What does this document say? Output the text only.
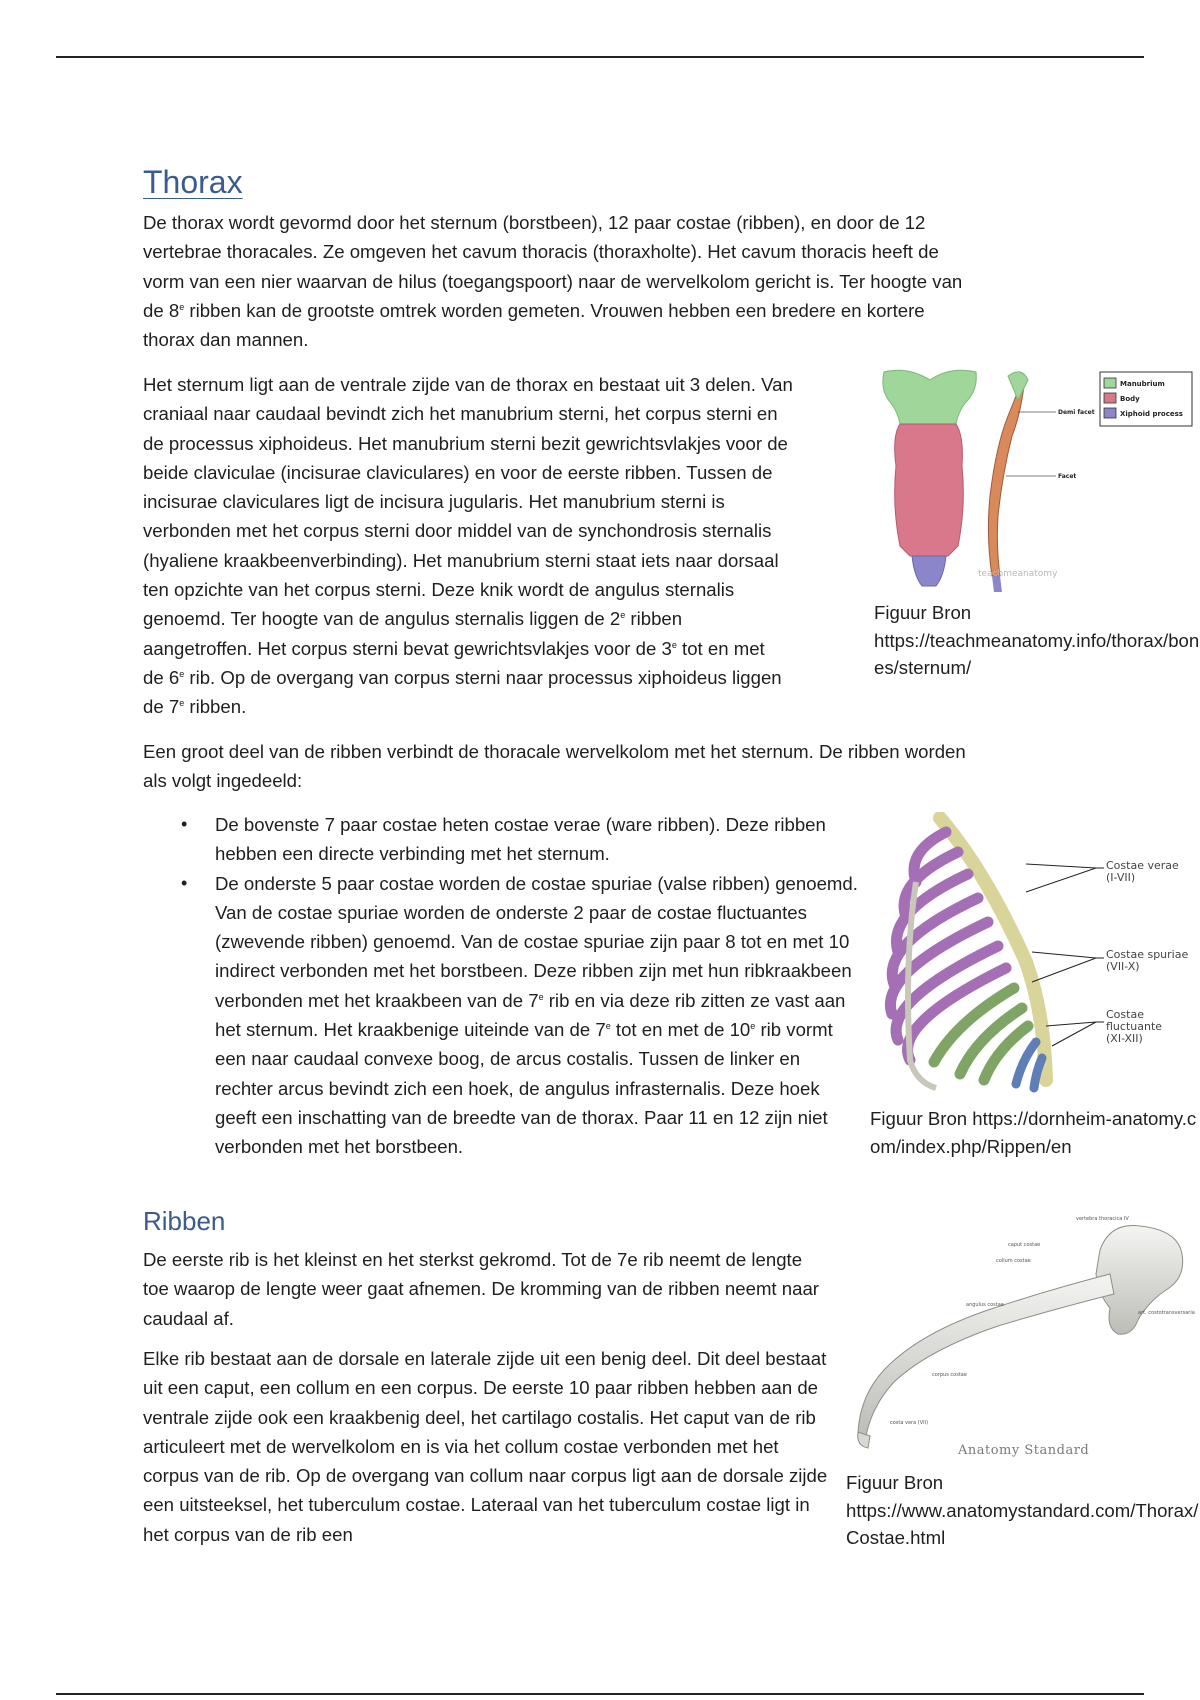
Thorax

De thorax wordt gevormd door het sternum (borstbeen), 12 paar costae (ribben), en door de 12
vertebrae thoracales. Ze omgeven het cavum thoracis (thoraxholte). Het cavum thoracis heeft de
vorm van een nier waarvan de hilus (toegangspoort) naar de wervelkolom gericht is. Ter hoogte van
de 8e ribben kan de grootste omtrek worden gemeten. Vrouwen hebben een bredere en kortere
thorax dan mannen.

Het sternum ligt aan de ventrale zijde van de thorax en bestaat uit 3 delen. Van
craniaal naar caudaal bevindt zich het manubrium sterni, het corpus sterni en
de processus xiphoideus. Het manubrium sterni bezit gewrichtsvlakjes voor de
beide claviculae (incisurae claviculares) en voor de eerste ribben. Tussen de
incisurae claviculares ligt de incisura jugularis. Het manubrium sterni is
verbonden met het corpus sterni door middel van de synchondrosis sternalis
(hyaliene kraakbeenverbinding). Het manubrium sterni staat iets naar dorsaal
ten opzichte van het corpus sterni. Deze knik wordt de angulus sternalis
genoemd. Ter hoogte van de angulus sternalis liggen de 2e ribben
aangetroffen. Het corpus sterni bevat gewrichtsvlakjes voor de 3e tot en met
de 6e rib. Op de overgang van corpus sterni naar processus xiphoideus liggen
de 7e ribben.

Demi facet
Facet
teachmeanatomy
Manubrium
Body
Xiphoid process

Figuur Bron
https://teachmeanatomy.info/thorax/bones/sternum/

Een groot deel van de ribben verbindt de thoracale wervelkolom met het sternum. De ribben worden
als volgt ingedeeld:

• De bovenste 7 paar costae heten costae verae (ware ribben). Deze ribben hebben een directe verbinding met het sternum.
• De onderste 5 paar costae worden de costae spuriae (valse ribben) genoemd. Van de costae spuriae worden de onderste 2 paar de costae fluctuantes (zwevende ribben) genoemd. Van de costae spuriae zijn paar 8 tot en met 10 indirect verbonden met het borstbeen. Deze ribben zijn met hun ribkraakbeen verbonden met het kraakbeen van de 7e rib en via deze rib zitten ze vast aan het sternum. Het kraakbenige uiteinde van de 7e tot en met de 10e rib vormt een naar caudaal convexe boog, de arcus costalis. Tussen de linker en rechter arcus bevindt zich een hoek, de angulus infrasternalis. Deze hoek geeft een inschatting van de breedte van de thorax. Paar 11 en 12 zijn niet verbonden met het borstbeen.
Costae verae
(I-VII)
Costae spuriae
(VII-X)
Costae
fluctuante
(XI-XII)

Figuur Bron https://dornheim-anatomy.com/index.php/Rippen/en

Ribben

De eerste rib is het kleinst en het sterkst gekromd. Tot de 7e rib neemt de lengte toe waarop de lengte weer gaat afnemen. De kromming van de ribben neemt naar caudaal af.

Elke rib bestaat aan de dorsale en laterale zijde uit een benig deel. Dit deel bestaat uit een caput, een collum en een corpus. De eerste 10 paar ribben hebben aan de ventrale zijde ook een kraakbenig deel, het cartilago costalis. Het caput van de rib articuleert met de wervelkolom en is via het collum costae verbonden met het corpus van de rib. Op de overgang van collum naar corpus ligt aan de dorsale zijde een uitsteeksel, het tuberculum costae. Lateraal van het tuberculum costae ligt in het corpus van de rib een

vertebra thoracica IV
caput costae
collum costae
angulus costae
corpus costae
costa vera (VII)
art. costotransversaria
Anatomy Standard

Figuur Bron
https://www.anatomystandard.com/Thorax/Costae.html
